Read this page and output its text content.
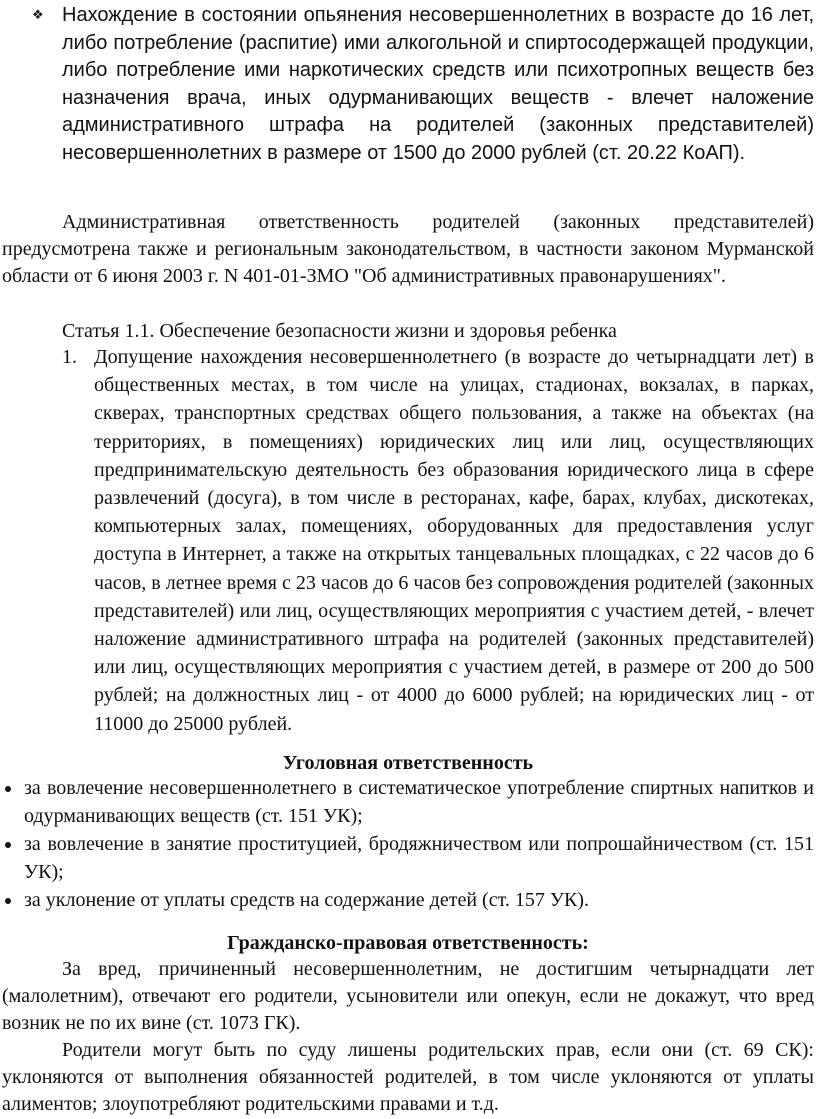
❖ Нахождение в состоянии опьянения несовершеннолетних в возрасте до 16 лет, либо потребление (распитие) ими алкогольной и спиртосодержащей продукции, либо потребление ими наркотических средств или психотропных веществ без назначения врача, иных одурманивающих веществ - влечет наложение административного штрафа на родителей (законных представителей) несовершеннолетних в размере от 1500 до 2000 рублей (ст. 20.22 КоАП).

Административная ответственность родителей (законных представителей) предусмотрена также и региональным законодательством, в частности законом Мурманской области от 6 июня 2003 г. N 401-01-ЗМО "Об административных правонарушениях".

Статья 1.1. Обеспечение безопасности жизни и здоровья ребенка

1. Допущение нахождения несовершеннолетнего (в возрасте до четырнадцати лет) в общественных местах, в том числе на улицах, стадионах, вокзалах, в парках, скверах, транспортных средствах общего пользования, а также на объектах (на территориях, в помещениях) юридических лиц или лиц, осуществляющих предпринимательскую деятельность без образования юридического лица в сфере развлечений (досуга), в том числе в ресторанах, кафе, барах, клубах, дискотеках, компьютерных залах, помещениях, оборудованных для предоставления услуг доступа в Интернет, а также на открытых танцевальных площадках, с 22 часов до 6 часов, в летнее время с 23 часов до 6 часов без сопровождения родителей (законных представителей) или лиц, осуществляющих мероприятия с участием детей, - влечет наложение административного штрафа на родителей (законных представителей) или лиц, осуществляющих мероприятия с участием детей, в размере от 200 до 500 рублей; на должностных лиц - от 4000 до 6000 рублей; на юридических лиц - от 11000 до 25000 рублей.

Уголовная ответственность

за вовлечение несовершеннолетнего в систематическое употребление спиртных напитков и одурманивающих веществ (ст. 151 УК);
за вовлечение в занятие проституцией, бродяжничеством или попрошайничеством (ст. 151 УК);
за уклонение от уплаты средств на содержание детей (ст. 157 УК).

Гражданско-правовая ответственность:

За вред, причиненный несовершеннолетним, не достигшим четырнадцати лет (малолетним), отвечают его родители, усыновители или опекун, если не докажут, что вред возник не по их вине (ст. 1073 ГК).

Родители могут быть по суду лишены родительских прав, если они (ст. 69 СК): уклоняются от выполнения обязанностей родителей, в том числе уклоняются от уплаты алиментов; злоупотребляют родительскими правами и т.д.
